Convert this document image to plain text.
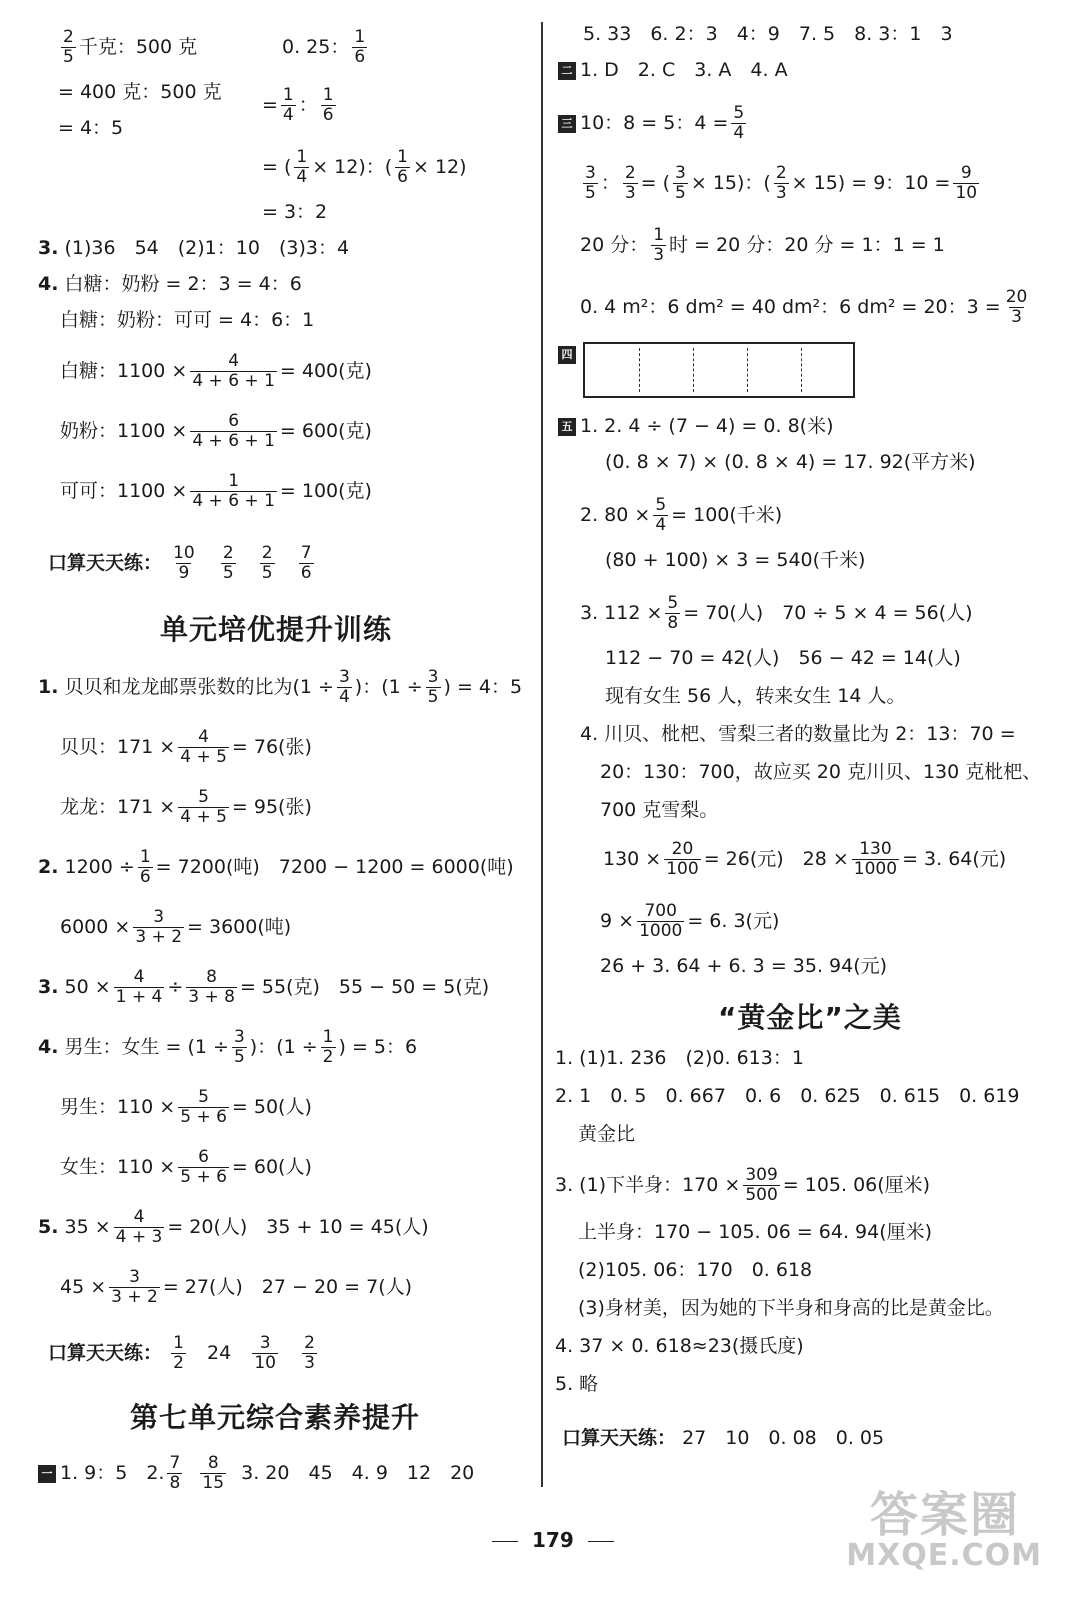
$\frac{2}{5}$ 千克：500 克	0. 25： $\frac{1}{6}$
= 400 克：500 克
= $\frac{1}{4}$ ： $\frac{1}{6}$
= 4：5
= ( $\frac{1}{4} \times 12$)：( $\frac{1}{6} \times 12$)
= 3：2
3. (1)36　54　(2)1：10　(3)3：4
4. 白糖：奶粉 = 2：3 = 4：6
白糖：奶粉：可可 = 4：6：1
白糖：$1100 \times \frac{4}{4 + 6 + 1} = 400$(克)
奶粉：$1100 \times \frac{6}{4 + 6 + 1} = 600$(克)
可可：$1100 \times \frac{1}{4 + 6 + 1} = 100$(克)
口算天天练： $\frac{10}{9}$
$\frac{2}{5}$
$\frac{2}{5}$
$\frac{7}{6}$
单元培优提升训练
1. 贝贝和龙龙邮票张数的比为($1 \div \frac{3}{4}$ )：($1 \div \frac{3}{5}$ ) = 4：5
贝贝：$171 \times \frac{4}{4 + 5} = 76$(张)
龙龙：$171 \times \frac{5}{4 + 5} = 95$(张)
2. $1200 \div \frac{1}{6} = 7200$(吨)　7200 − 1200 = 6000(吨)
$6000 \times \frac{3}{3 + 2} = 3600$(吨)
3. $50 \times \frac{4}{1 + 4} \div \frac{8}{3 + 8} = 55$(克)　55 − 50 = 5(克)
4. 男生：女生 = ($1 \div \frac{3}{5}$ )：($1 \div \frac{1}{2}$ ) = 5：6
男生：$110 \times \frac{5}{5 + 6} = 50$(人)
女生：$110 \times \frac{6}{5 + 6} = 60$(人)
5. $35 \times \frac{4}{4 + 3} = 20$(人)　35 + 10 = 45(人)
$45 \times \frac{3}{3 + 2} = 27$(人)　27 − 20 = 7(人)
口算天天练： $\frac{1}{2} 24 \frac{3}{10}$
$\frac{2}{3}$
第七单元综合素养提升
一 1. 9：5　2. $\frac{7}{8}$
$\frac{8}{15} 3$. 20　45　4. 9　12　20
5. 33　6. 2：3　4：9　7. 5　8. 3：1　3
二 1. D　2. C　3. A　4. A
三 10：8 = 5：$4 = \frac{5}{4}$
$\frac{3}{5}$ ： $\frac{2}{3}$ = ( $\frac{3}{5} \times 15$)：( $\frac{2}{3} \times 15) = 9$：$10 = \frac{9}{10}$
20 分： $\frac{1}{3}$ 时 = 20 分：20 分 = 1：1 = 1
0. 4 m²：6 dm² = 40 dm²：6 dm² = 20：$3 = \frac{20}{3}$
四
五 1. 2. 4 ÷ (7 − 4) = 0. 8(米)
(0. 8 × 7) × (0. 8 × 4) = 17. 92(平方米)
2. $80 \times \frac{5}{4} = 100$(千米)
(80 + 100) × 3 = 540(千米)
3. $112 \times \frac{5}{8} = 70$(人)　70 ÷ 5 × 4 = 56(人)
112 − 70 = 42(人)　56 − 42 = 14(人)
现有女生 56 人，转来女生 14 人。
4. 川贝、枇杷、雪梨三者的数量比为 2：13：70 =
20：130：700，故应买 20 克川贝、130 克枇杷、
700 克雪梨。
$130 \times \frac{20}{100} = 26$(元)　$28 \times \frac{130}{1000} = 3$. 64(元)
$9 \times \frac{700}{1000} = 6$. 3(元)
26 + 3. 64 + 6. 3 = 35. 94(元)
“黄金比”之美
1. (1)1. 236　(2)0. 613：1
2. 1　0. 5　0. 667　0. 6　0. 625　0. 615　0. 619
黄金比
3. (1)下半身：$170 \times \frac{309}{500} = 105$. 06(厘米)
上半身：170 − 105. 06 = 64. 94(厘米)
(2)105. 06：170　0. 618
(3)身材美，因为她的下半身和身高的比是黄金比。
4. 37 × 0. 618≈23(摄氏度)
5. 略
口算天天练： 27　10　0. 08　0. 05
179	答案圈
MXQE.COM
